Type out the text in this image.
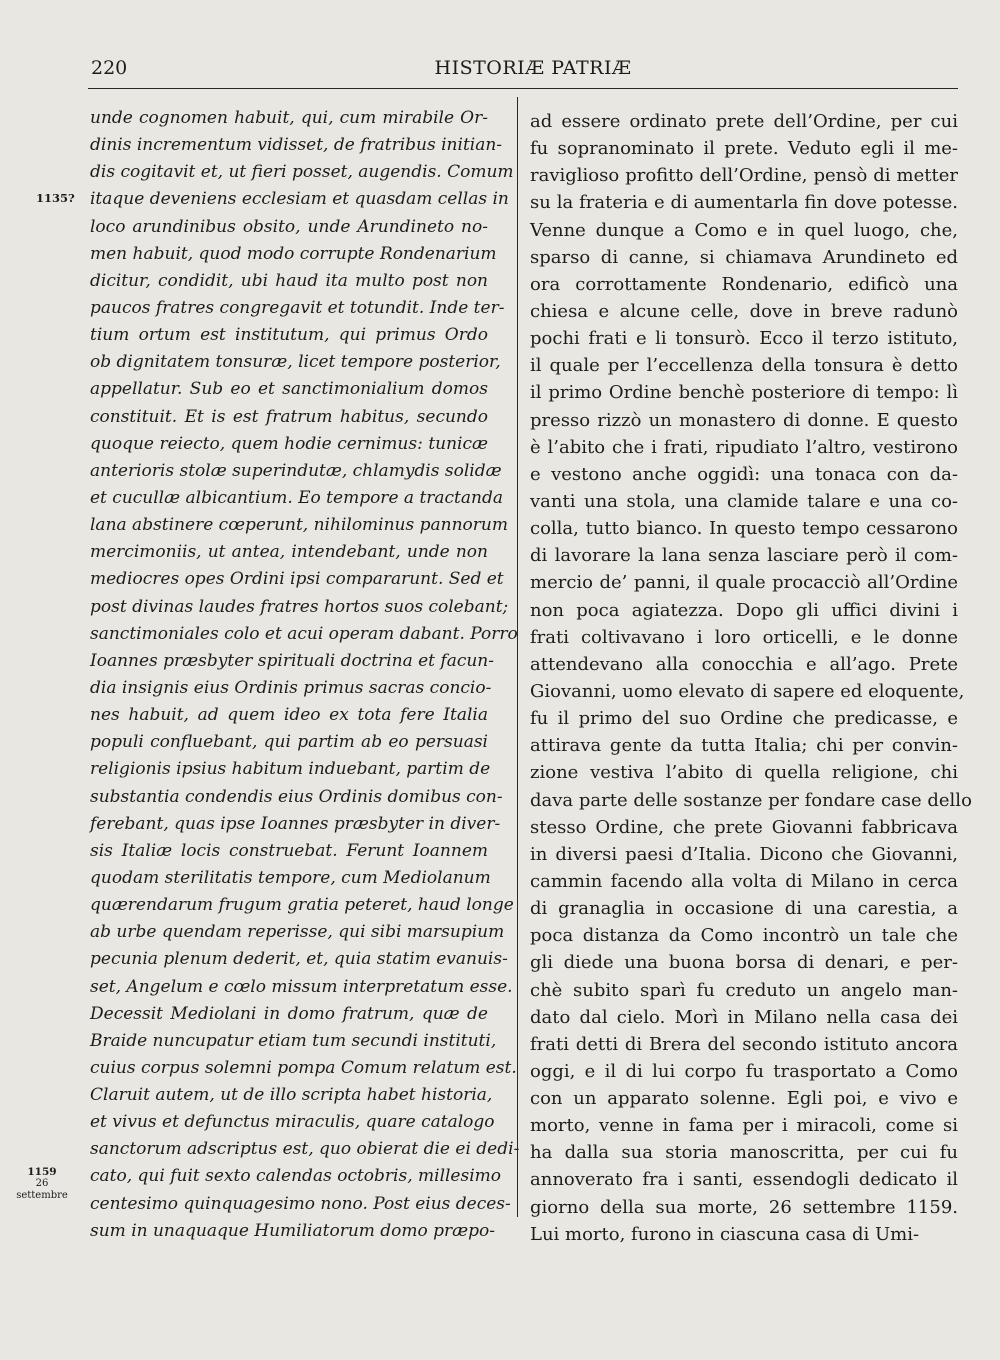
220	HISTORIÆ PATRIÆ
1135?
1159
26 settembre
unde cognomen habuit, qui, cum mirabile Or-
dinis incrementum vidisset, de fratribus initian-
dis cogitavit et, ut fieri posset, augendis. Comum
itaque deveniens ecclesiam et quasdam cellas in
loco arundinibus obsito, unde Arundineto no-
men habuit, quod modo corrupte Rondenarium
dicitur, condidit, ubi haud ita multo post non
paucos fratres congregavit et totundit. Inde ter-
tium ortum est institutum, qui primus Ordo
ob dignitatem tonsuræ, licet tempore posterior,
appellatur. Sub eo et sanctimonialium domos
constituit. Et is est fratrum habitus, secundo
quoque reiecto, quem hodie cernimus: tunicæ
anterioris stolæ superindutæ, chlamydis solidæ
et cucullæ albicantium. Eo tempore a tractanda
lana abstinere cœperunt, nihilominus pannorum
mercimoniis, ut antea, intendebant, unde non
mediocres opes Ordini ipsi compararunt. Sed et
post divinas laudes fratres hortos suos colebant;
sanctimoniales colo et acui operam dabant. Porro
Ioannes præsbyter spirituali doctrina et facun-
dia insignis eius Ordinis primus sacras concio-
nes habuit, ad quem ideo ex tota fere Italia
populi confluebant, qui partim ab eo persuasi
religionis ipsius habitum induebant, partim de
substantia condendis eius Ordinis domibus con-
ferebant, quas ipse Ioannes præsbyter in diver-
sis Italiæ locis construebat. Ferunt Ioannem
quodam sterilitatis tempore, cum Mediolanum
quærendarum frugum gratia peteret, haud longe
ab urbe quendam reperisse, qui sibi marsupium
pecunia plenum dederit, et, quia statim evanuis-
set, Angelum e cœlo missum interpretatum esse.
Decessit Mediolani in domo fratrum, quæ de
Braide nuncupatur etiam tum secundi instituti,
cuius corpus solemni pompa Comum relatum est.
Claruit autem, ut de illo scripta habet historia,
et vivus et defunctus miraculis, quare catalogo
sanctorum adscriptus est, quo obierat die ei dedi-
cato, qui fuit sexto calendas octobris, millesimo
centesimo quinquagesimo nono. Post eius deces-
sum in unaquaque Humiliatorum domo præpo-
ad essere ordinato prete dell’Ordine, per cui
fu sopranominato il prete. Veduto egli il me-
raviglioso profitto dell’Ordine, pensò di metter
su la frateria e di aumentarla fin dove potesse.
Venne dunque a Como e in quel luogo, che,
sparso di canne, si chiamava Arundineto ed
ora corrottamente Rondenario, edificò una
chiesa e alcune celle, dove in breve radunò
pochi frati e li tonsurò. Ecco il terzo istituto,
il quale per l’eccellenza della tonsura è detto
il primo Ordine benchè posteriore di tempo: lì
presso rizzò un monastero di donne. E questo
è l’abito che i frati, ripudiato l’altro, vestirono
e vestono anche oggidì: una tonaca con da-
vanti una stola, una clamide talare e una co-
colla, tutto bianco. In questo tempo cessarono
di lavorare la lana senza lasciare però il com-
mercio de’ panni, il quale procacciò all’Ordine
non poca agiatezza. Dopo gli uffici divini i
frati coltivavano i loro orticelli, e le donne
attendevano alla conocchia e all’ago. Prete
Giovanni, uomo elevato di sapere ed eloquente,
fu il primo del suo Ordine che predicasse, e
attirava gente da tutta Italia; chi per convin-
zione vestiva l’abito di quella religione, chi
dava parte delle sostanze per fondare case dello
stesso Ordine, che prete Giovanni fabbricava
in diversi paesi d’Italia. Dicono che Giovanni,
cammin facendo alla volta di Milano in cerca
di granaglia in occasione di una carestia, a
poca distanza da Como incontrò un tale che
gli diede una buona borsa di denari, e per-
chè subito sparì fu creduto un angelo man-
dato dal cielo. Morì in Milano nella casa dei
frati detti di Brera del secondo istituto ancora
oggi, e il di lui corpo fu trasportato a Como
con un apparato solenne. Egli poi, e vivo e
morto, venne in fama per i miracoli, come si
ha dalla sua storia manoscritta, per cui fu
annoverato fra i santi, essendogli dedicato il
giorno della sua morte, 26 settembre 1159.
Lui morto, furono in ciascuna casa di Umi-
